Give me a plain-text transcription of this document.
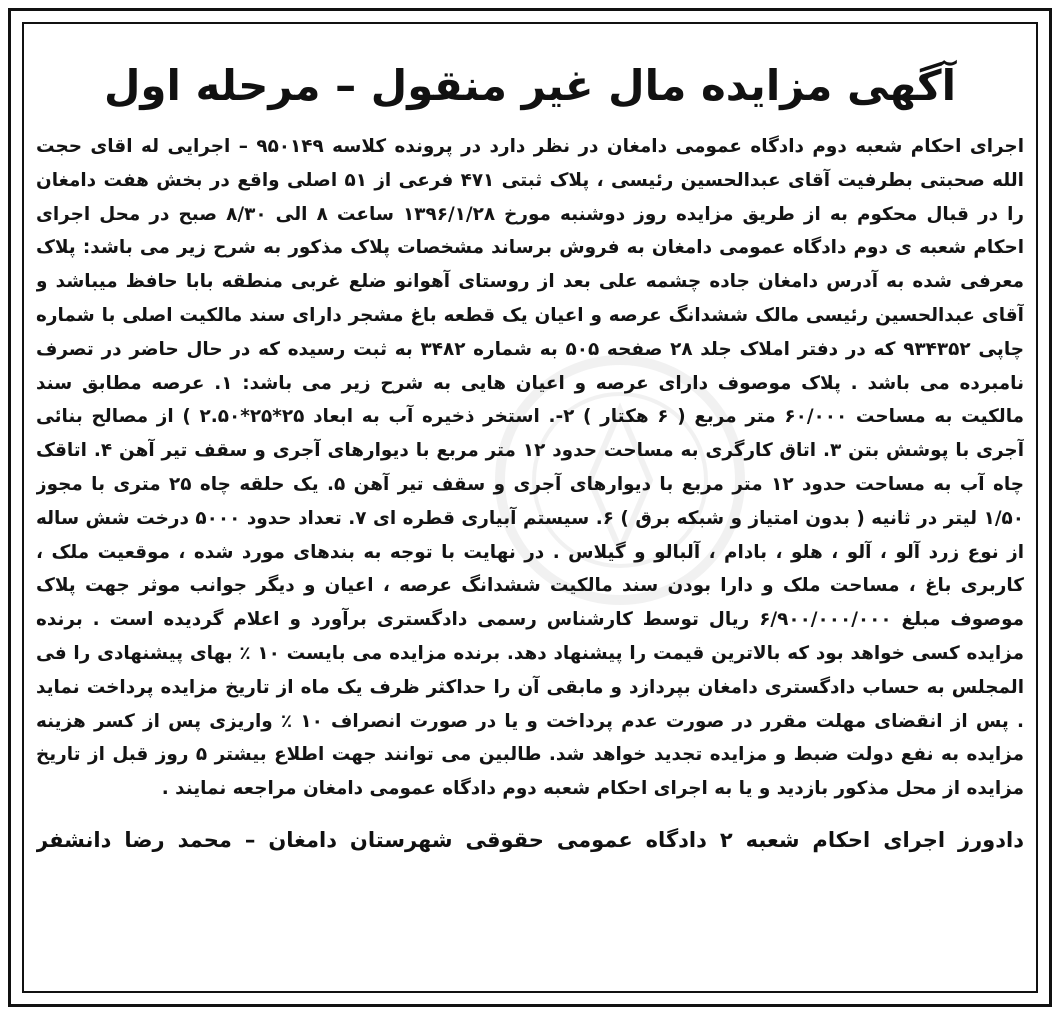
آگهی مزایده مال غیر منقول – مرحله اول

اجرای احکام شعبه دوم دادگاه عمومی دامغان در نظر دارد در پرونده کلاسه ۹۵۰۱۴۹ – اجرایی له اقای حجت الله صحبتی بطرفیت آقای عبدالحسین رئیسی ، پلاک ثبتی ۴۷۱ فرعی از ۵۱ اصلی واقع در بخش هفت دامغان را در قبال محکوم به از طریق مزایده روز دوشنبه مورخ ۱۳۹۶/۱/۲۸ ساعت ۸ الی ۸/۳۰ صبح در محل اجرای احکام شعبه ی دوم دادگاه عمومی دامغان به فروش برساند مشخصات پلاک مذکور به شرح زیر می باشد: پلاک معرفی شده به آدرس دامغان جاده چشمه علی بعد از روستای آهوانو ضلع غربی منطقه بابا حافظ میباشد و آقای عبدالحسین رئیسی مالک ششدانگ عرصه و اعیان یک قطعه باغ مشجر دارای سند مالکیت اصلی با شماره چاپی ۹۳۴۳۵۲ که در دفتر املاک جلد ۲۸ صفحه ۵۰۵ به شماره ۳۴۸۲ به ثبت رسیده که در حال حاضر در تصرف نامبرده می باشد . پلاک موصوف دارای عرصه و اعیان هایی به شرح زیر می باشد: ۱. عرصه مطابق سند مالکیت به مساحت ۶۰/۰۰۰ متر مربع ( ۶ هکتار ) ۲-. استخر ذخیره آب به ابعاد ۲۵*۲۵*۲.۵۰ ) از مصالح بنائی آجری با پوشش بتن ۳. اتاق کارگری به مساحت حدود ۱۲ متر مربع با دیوارهای آجری و سقف تیر آهن ۴. اتاقک چاه آب به مساحت حدود ۱۲ متر مربع با دیوارهای آجری و سقف تیر آهن ۵. یک حلقه چاه ۲۵ متری با مجوز ۱/۵۰ لیتر در ثانیه ( بدون امتیاز و شبکه برق ) ۶. سیستم آبیاری قطره ای ۷. تعداد حدود ۵۰۰۰ درخت شش ساله از نوع زرد آلو ، آلو ، هلو ، بادام ، آلبالو و گیلاس . در نهایت با توجه به بندهای مورد شده ، موقعیت ملک ، کاربری باغ ، مساحت ملک و دارا بودن سند مالکیت ششدانگ عرصه ، اعیان و دیگر جوانب موثر جهت پلاک موصوف مبلغ ۶/۹۰۰/۰۰۰/۰۰۰ ریال توسط کارشناس رسمی دادگستری برآورد و اعلام گردیده است . برنده مزایده کسی خواهد بود که بالاترین قیمت را پیشنهاد دهد. برنده مزایده می بایست ۱۰ ٪ بهای پیشنهادی را فی المجلس به حساب دادگستری دامغان بپردازد و مابقی آن را حداکثر ظرف یک ماه از تاریخ مزایده پرداخت نماید . پس از انقضای مهلت مقرر در صورت عدم پرداخت و یا در صورت انصراف ۱۰ ٪ واریزی پس از کسر هزینه مزایده به نفع دولت ضبط و مزایده تجدید خواهد شد. طالبین می توانند جهت اطلاع بیشتر ۵ روز قبل از تاریخ مزایده از محل مذکور بازدید و یا به اجرای احکام شعبه دوم دادگاه عمومی دامغان مراجعه نمایند .

دادورز اجرای احکام شعبه ۲ دادگاه عمومی حقوقی شهرستان دامغان – محمد رضا دانشفر
